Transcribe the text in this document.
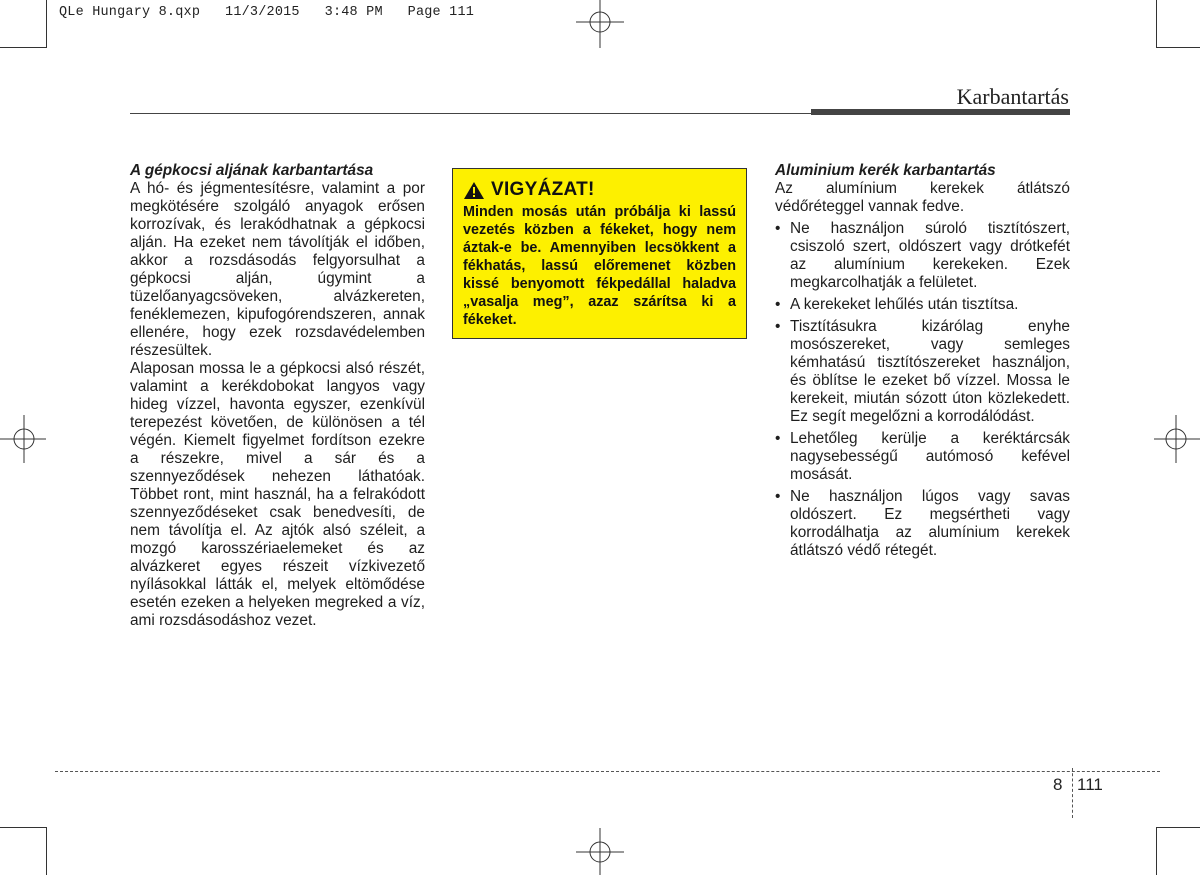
QLe Hungary 8.qxp   11/3/2015   3:48 PM   Page 111
Karbantartás

A gépkocsi aljának karbantartása

A hó- és jégmentesítésre, valamint a por megkötésére szolgáló anyagok erősen korrozívak, és lerakódhatnak a gépkocsi alján. Ha ezeket nem távolítják el időben, akkor a rozsdásodás felgyorsulhat a gépkocsi alján, úgymint a tüzelőanyagcsöveken, alvázkereten, fenéklemezen, kipufogórendszeren, annak ellenére, hogy ezek rozsdavédelemben részesültek.

Alaposan mossa le a gépkocsi alsó részét, valamint a kerékdobokat langyos vagy hideg vízzel, havonta egyszer, ezenkívül terepezést követően, de különösen a tél végén. Kiemelt figyelmet fordítson ezekre a részekre, mivel a sár és a szennyeződések nehezen láthatóak. Többet ront, mint használ, ha a felrakódott szennyeződéseket csak benedvesíti, de nem távolítja el. Az ajtók alsó széleit, a mozgó karosszériaelemeket és az alvázkeret egyes részeit vízkivezető nyílásokkal látták el, melyek eltömődése esetén ezeken a helyeken megreked a víz, ami rozsdásodáshoz vezet.

VIGYÁZAT!
Minden mosás után próbálja ki lassú vezetés közben a fékeket, hogy nem áztak-e be. Amennyiben lecsökkent a fékhatás, lassú előremenet közben kissé benyomott fékpedállal haladva „vasalja meg”, azaz szárítsa ki a fékeket.

Aluminium kerék karbantartás

Az alumínium kerekek átlátszó védőréteggel vannak fedve.

• Ne használjon súroló tisztítószert, csiszoló szert, oldószert vagy drótkefét az alumínium kerekeken. Ezek megkarcolhatják a felületet.
• A kerekeket lehűlés után tisztítsa.
• Tisztításukra kizárólag enyhe mosószereket, vagy semleges kémhatású tisztítószereket használjon, és öblítse le ezeket bő vízzel. Mossa le kerekeit, miután sózott úton közlekedett. Ez segít megelőzni a korrodálódást.
• Lehetőleg kerülje a keréktárcsák nagysebességű autómosó kefével mosását.
• Ne használjon lúgos vagy savas oldószert. Ez megsértheti vagy korrodálhatja az alumínium kerekek átlátszó védő rétegét.
8 111
